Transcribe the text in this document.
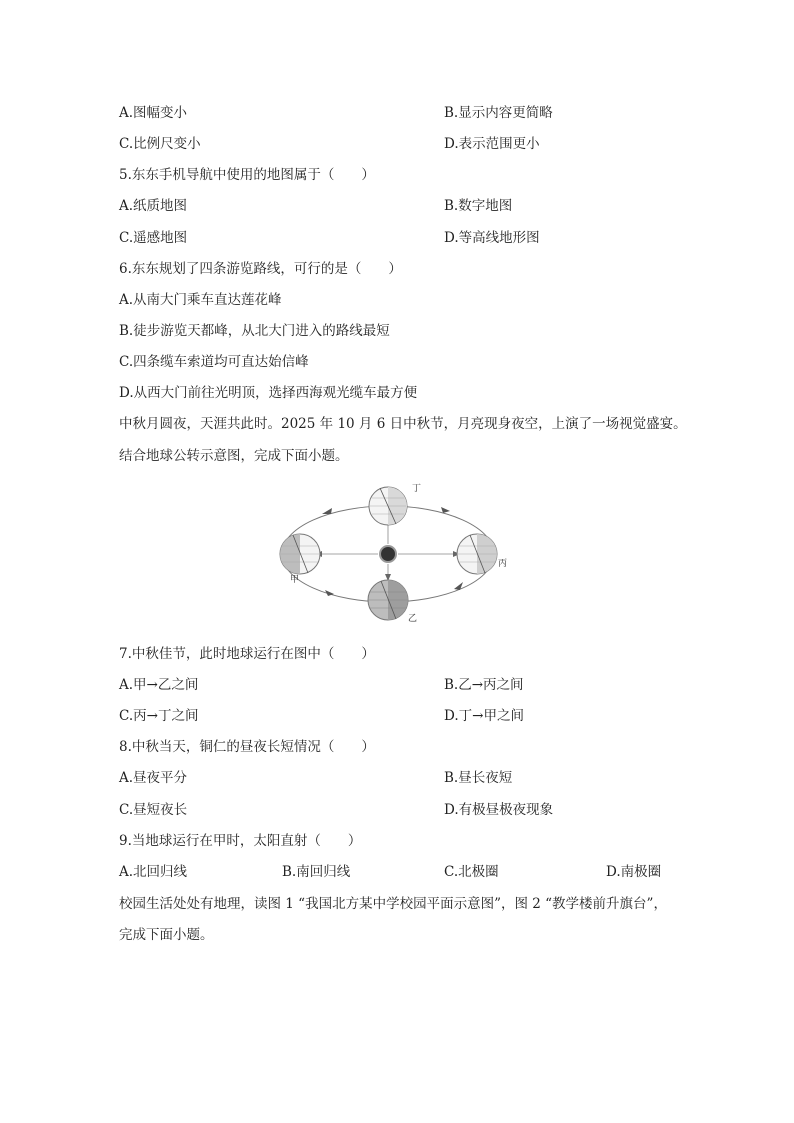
A.图幅变小	B.显示内容更简略
C.比例尺变小	D.表示范围更小
5.东东手机导航中使用的地图属于（　　）
A.纸质地图	B.数字地图
C.遥感地图	D.等高线地形图
6.东东规划了四条游览路线，可行的是（　　）
A.从南大门乘车直达莲花峰
B.徒步游览天都峰，从北大门进入的路线最短
C.四条缆车索道均可直达始信峰
D.从西大门前往光明顶，选择西海观光缆车最方便
中秋月圆夜，天涯共此时。2025 年 10 月 6 日中秋节，月亮现身夜空，上演了一场视觉盛宴。
结合地球公转示意图，完成下面小题。
甲
乙
丙
丁
7.中秋佳节，此时地球运行在图中（　　）
A.甲→乙之间	B.乙→丙之间
C.丙→丁之间	D.丁→甲之间
8.中秋当天，铜仁的昼夜长短情况（　　）
A.昼夜平分	B.昼长夜短
C.昼短夜长	D.有极昼极夜现象
9.当地球运行在甲时，太阳直射（　　）
A.北回归线	B.南回归线	C.北极圈	D.南极圈
校园生活处处有地理，读图 1 “我国北方某中学校园平面示意图”，图 2 “教学楼前升旗台”，
完成下面小题。
